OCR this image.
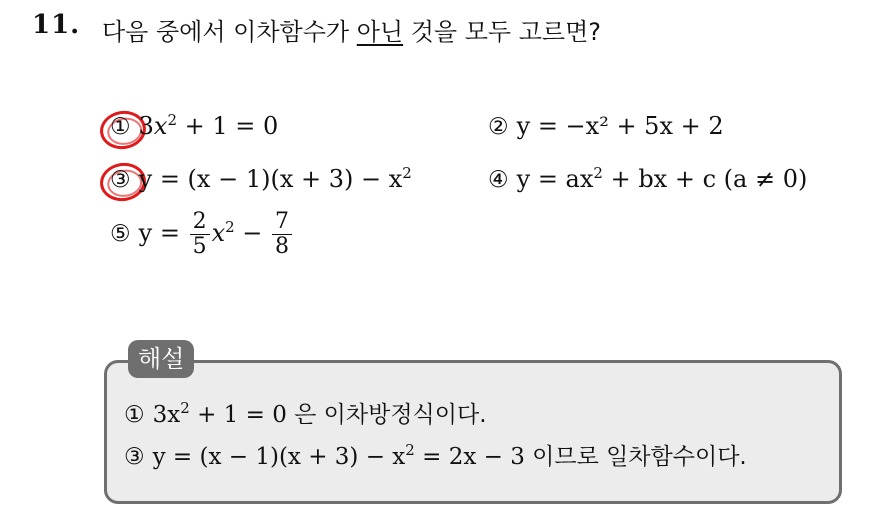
11. 다음 중에서 이차함수가 아닌 것을 모두 고르면?
① $3x^2 + 1 = 0$	② y = −x² + 5x + 2
③ $y = (x - 1)(x + 3) - x^2$	④ $y = ax^2$ + bx + c (a ≠ 0)
⑤ $y = \frac{2}{5} x^2 - \frac{7}{8}$
해설
① $3x^2 + 1 = 0$ 은 이차방정식이다.
③ $y = (x - 1)(x + 3) - x^2 = 2x - 3$ 이므로 일차함수이다.
